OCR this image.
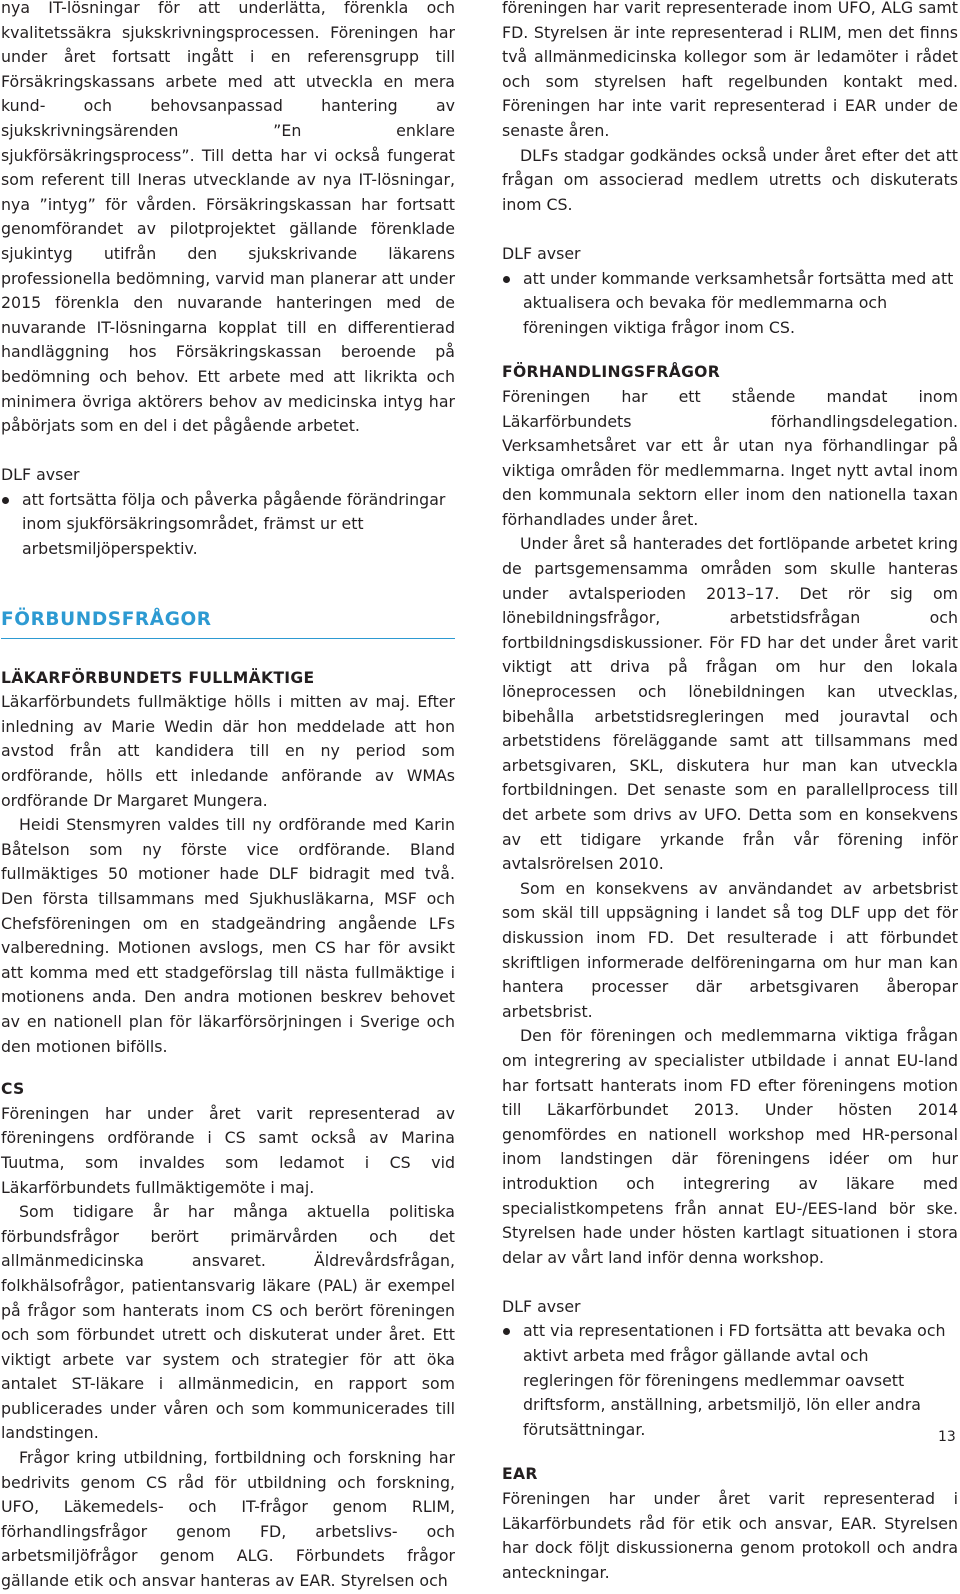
nya IT-lösningar för att underlätta, förenkla och kvalitetssäkra sjukskrivningsprocessen. Föreningen har under året fortsatt ingått i en referensgrupp till Försäkringskassans arbete med att utveckla en mera kund- och behovsanpassad hantering av sjukskrivningsärenden ”En enklare sjukförsäkringsprocess”. Till detta har vi också fungerat som referent till Ineras utvecklande av nya IT-lösningar, nya ”intyg” för vården. Försäkringskassan har fortsatt genomförandet av pilotprojektet gällande förenklade sjukintyg utifrån den sjukskrivande läkarens professionella bedömning, varvid man planerar att under 2015 förenkla den nuvarande hanteringen med de nuvarande IT-lösningarna kopplat till en differentierad handläggning hos Försäkringskassan beroende på bedömning och behov. Ett arbete med att likrikta och minimera övriga aktörers behov av medicinska intyg har påbörjats som en del i det pågående arbetet.

DLF avser
att fortsätta följa och påverka pågående förändringar inom sjukförsäkringsområdet, främst ur ett arbetsmiljöperspektiv.
FÖRBUNDSFRÅGOR
LÄKARFÖRBUNDETS FULLMÄKTIGE

Läkarförbundets fullmäktige hölls i mitten av maj. Efter inledning av Marie Wedin där hon meddelade att hon avstod från att kandidera till en ny period som ordförande, hölls ett inledande anförande av WMAs ordförande Dr Margaret Mungera.

Heidi Stensmyren valdes till ny ordförande med Karin Båtelson som ny förste vice ordförande. Bland fullmäktiges 50 motioner hade DLF bidragit med två. Den första tillsammans med Sjukhusläkarna, MSF och Chefsföreningen om en stadgeändring angående LFs valberedning. Motionen avslogs, men CS har för avsikt att komma med ett stadgeförslag till nästa fullmäktige i motionens anda. Den andra motionen beskrev behovet av en nationell plan för läkarförsörjningen i Sverige och den motionen bifölls.

CS

Föreningen har under året varit representerad av föreningens ordförande i CS samt också av Marina Tuutma, som invaldes som ledamot i CS vid Läkarförbundets fullmäktigemöte i maj.

Som tidigare år har många aktuella politiska förbundsfrågor berört primärvården och det allmänmedicinska ansvaret. Äldrevårdsfrågan, folkhälsofrågor, patientansvarig läkare (PAL) är exempel på frågor som hanterats inom CS och berört föreningen och som förbundet utrett och diskuterat under året. Ett viktigt arbete var system och strategier för att öka antalet ST-läkare i allmänmedicin, en rapport som publicerades under våren och som kommunicerades till landstingen.

Frågor kring utbildning, fortbildning och forskning har bedrivits genom CS råd för utbildning och forskning, UFO, Läkemedels- och IT-frågor genom RLIM, förhandlingsfrågor genom FD, arbetslivs- och arbetsmiljöfrågor genom ALG. Förbundets frågor gällande etik och ansvar hanteras av EAR. Styrelsen och

föreningen har varit representerade inom UFO, ALG samt FD. Styrelsen är inte representerad i RLIM, men det finns två allmänmedicinska kollegor som är ledamöter i rådet och som styrelsen haft regelbunden kontakt med. Föreningen har inte varit representerad i EAR under de senaste åren.

DLFs stadgar godkändes också under året efter det att frågan om associerad medlem utretts och diskuterats inom CS.

DLF avser
att under kommande verksamhetsår fortsätta med att aktualisera och bevaka för medlemmarna och föreningen viktiga frågor inom CS.
FÖRHANDLINGSFRÅGOR

Föreningen har ett stående mandat inom Läkarförbundets förhandlingsdelegation. Verksamhetsåret var ett år utan nya förhandlingar på viktiga områden för medlemmarna. Inget nytt avtal inom den kommunala sektorn eller inom den nationella taxan förhandlades under året.

Under året så hanterades det fortlöpande arbetet kring de partsgemensamma områden som skulle hanteras under avtalsperioden 2013–17. Det rör sig om lönebildningsfrågor, arbetstidsfrågan och fortbildningsdiskussioner. För FD har det under året varit viktigt att driva på frågan om hur den lokala löneprocessen och lönebildningen kan utvecklas, bibehålla arbetstidsregleringen med jouravtal och arbetstidens föreläggande samt att tillsammans med arbetsgivaren, SKL, diskutera hur man kan utveckla fortbildningen. Det senaste som en parallellprocess till det arbete som drivs av UFO. Detta som en konsekvens av ett tidigare yrkande från vår förening inför avtalsrörelsen 2010.

Som en konsekvens av användandet av arbetsbrist som skäl till uppsägning i landet så tog DLF upp det för diskussion inom FD. Det resulterade i att förbundet skriftligen informerade delföreningarna om hur man kan hantera processer där arbetsgivaren åberopar arbetsbrist.

Den för föreningen och medlemmarna viktiga frågan om integrering av specialister utbildade i annat EU-land har fortsatt hanterats inom FD efter föreningens motion till Läkarförbundet 2013. Under hösten 2014 genomfördes en nationell workshop med HR-personal inom landstingen där föreningens idéer om hur introduktion och integrering av läkare med specialistkompetens från annat EU-/EES-land bör ske. Styrelsen hade under hösten kartlagt situationen i stora delar av vårt land inför denna workshop.

DLF avser
att via representationen i FD fortsätta att bevaka och aktivt arbeta med frågor gällande avtal och regleringen för föreningens medlemmar oavsett driftsform, anställning, arbetsmiljö, lön eller andra förutsättningar.
EAR

Föreningen har under året varit representerad i Läkarförbundets råd för etik och ansvar, EAR. Styrelsen har dock följt diskussionerna genom protokoll och andra anteckningar.

13
